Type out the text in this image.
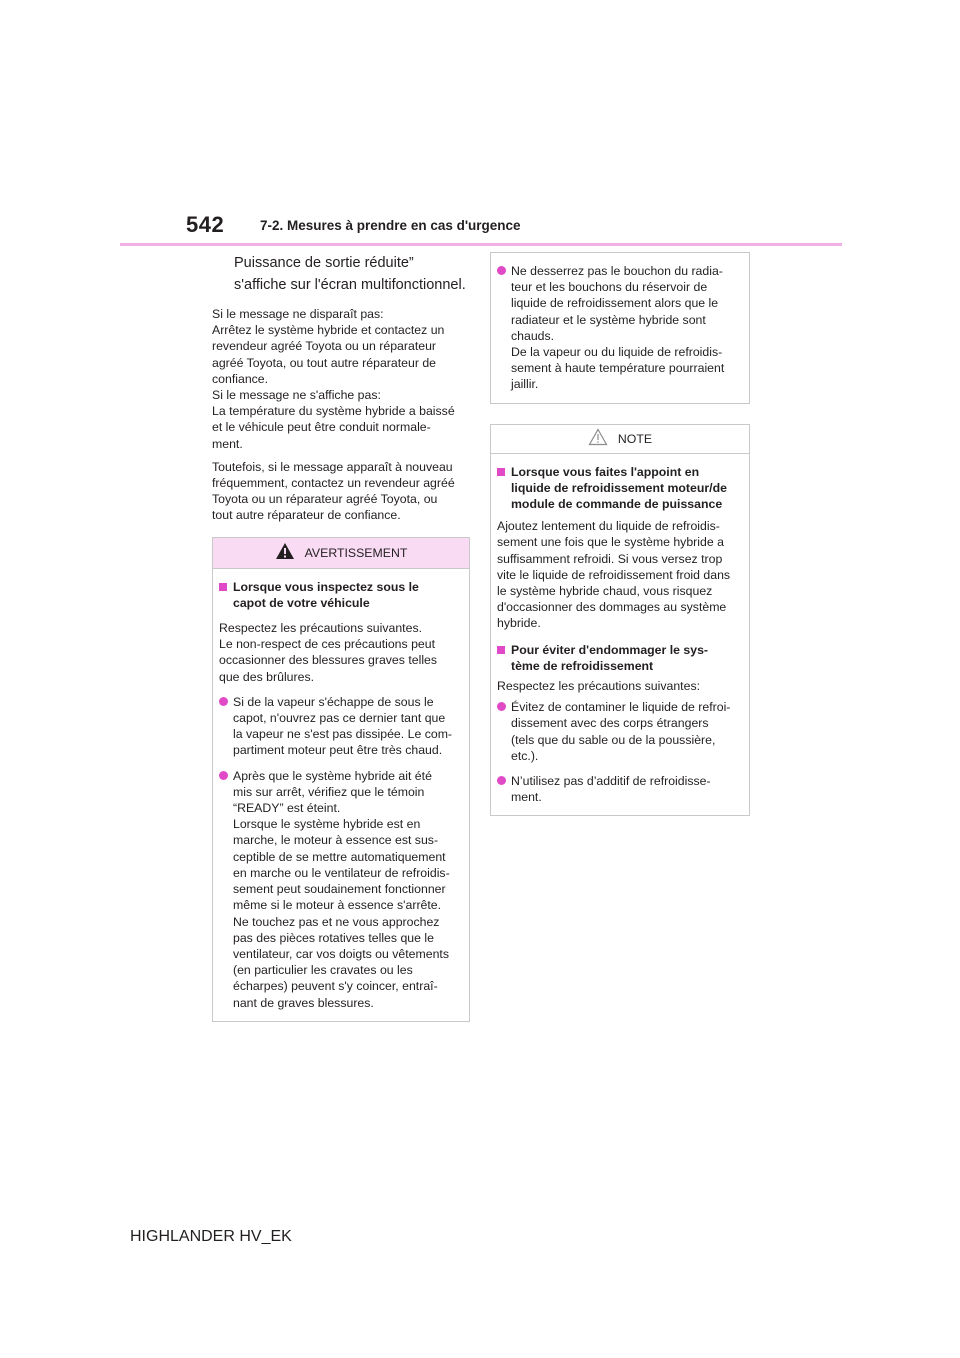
542	7-2. Mesures à prendre en cas d'urgence
Puissance de sortie réduite”
s'affiche sur l'écran multifonctionnel.
Si le message ne disparaît pas:
Arrêtez le système hybride et contactez un
revendeur agréé Toyota ou un réparateur
agréé Toyota, ou tout autre réparateur de
confiance.
Si le message ne s'affiche pas:
La température du système hybride a baissé
et le véhicule peut être conduit normale-
ment.
Toutefois, si le message apparaît à nouveau
fréquemment, contactez un revendeur agréé
Toyota ou un réparateur agréé Toyota, ou
tout autre réparateur de confiance.
AVERTISSEMENT
Lorsque vous inspectez sous le
capot de votre véhicule
Respectez les précautions suivantes.
Le non-respect de ces précautions peut
occasionner des blessures graves telles
que des brûlures.
Si de la vapeur s'échappe de sous le
capot, n'ouvrez pas ce dernier tant que
la vapeur ne s'est pas dissipée. Le com-
partiment moteur peut être très chaud.
Après que le système hybride ait été
mis sur arrêt, vérifiez que le témoin
“READY” est éteint.
Lorsque le système hybride est en
marche, le moteur à essence est sus-
ceptible de se mettre automatiquement
en marche ou le ventilateur de refroidis-
sement peut soudainement fonctionner
même si le moteur à essence s'arrête.
Ne touchez pas et ne vous approchez
pas des pièces rotatives telles que le
ventilateur, car vos doigts ou vêtements
(en particulier les cravates ou les
écharpes) peuvent s'y coincer, entraî-
nant de graves blessures.
Ne desserrez pas le bouchon du radia-
teur et les bouchons du réservoir de
liquide de refroidissement alors que le
radiateur et le système hybride sont
chauds.
De la vapeur ou du liquide de refroidis-
sement à haute température pourraient
jaillir.
NOTE
Lorsque vous faites l'appoint en
liquide de refroidissement moteur/de
module de commande de puissance
Ajoutez lentement du liquide de refroidis-
sement une fois que le système hybride a
suffisamment refroidi. Si vous versez trop
vite le liquide de refroidissement froid dans
le système hybride chaud, vous risquez
d'occasionner des dommages au système
hybride.
Pour éviter d'endommager le sys-
tème de refroidissement
Respectez les précautions suivantes:
Évitez de contaminer le liquide de refroi-
dissement avec des corps étrangers
(tels que du sable ou de la poussière,
etc.).
N’utilisez pas d’additif de refroidisse-
ment.
HIGHLANDER HV_EK
